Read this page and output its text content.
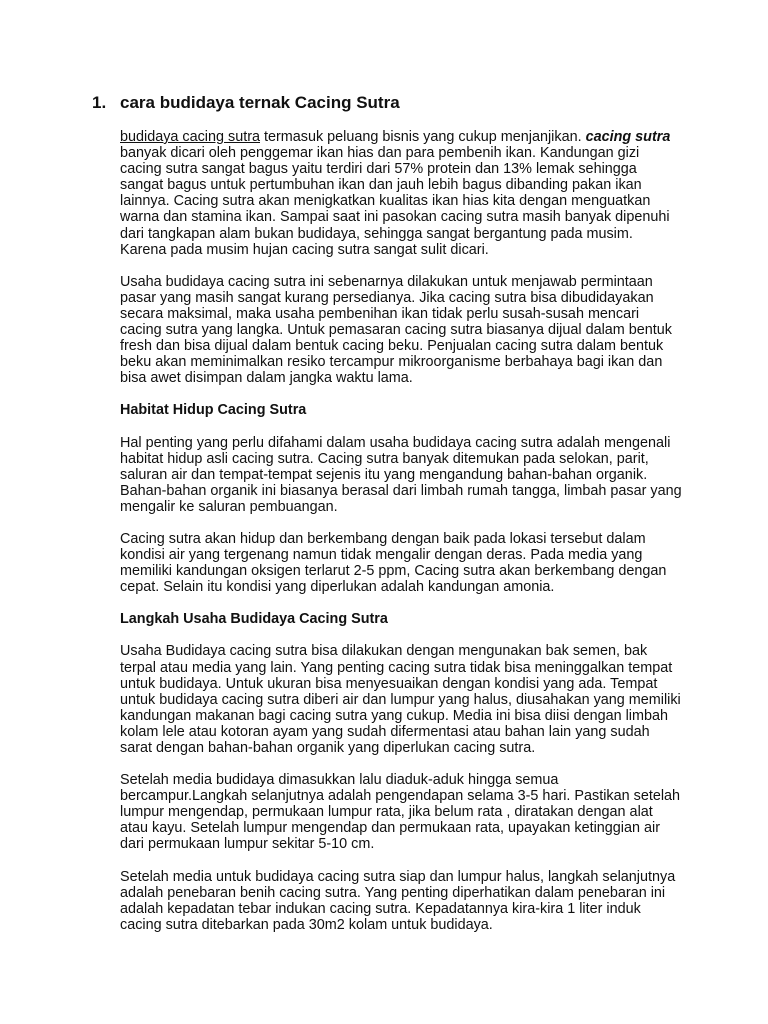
1. cara budidaya ternak Cacing Sutra

budidaya cacing sutra termasuk peluang bisnis yang cukup menjanjikan. cacing sutra banyak dicari oleh penggemar ikan hias dan para pembenih ikan. Kandungan gizi cacing sutra sangat bagus yaitu terdiri dari 57% protein dan 13% lemak sehingga sangat bagus untuk pertumbuhan ikan dan jauh lebih bagus dibanding pakan ikan lainnya. Cacing sutra akan menigkatkan kualitas ikan hias kita dengan menguatkan warna dan stamina ikan. Sampai saat ini pasokan cacing sutra masih banyak dipenuhi dari tangkapan alam bukan budidaya, sehingga sangat bergantung pada musim. Karena pada musim hujan cacing sutra sangat sulit dicari.

Usaha budidaya cacing sutra ini sebenarnya dilakukan untuk menjawab permintaan pasar yang masih sangat kurang persedianya. Jika cacing sutra bisa dibudidayakan secara maksimal, maka usaha pembenihan ikan tidak perlu susah-susah mencari cacing sutra yang langka. Untuk pemasaran cacing sutra biasanya dijual dalam bentuk fresh dan bisa dijual dalam bentuk cacing beku. Penjualan cacing sutra dalam bentuk beku akan meminimalkan resiko tercampur mikroorganisme berbahaya bagi ikan dan bisa awet disimpan dalam jangka waktu lama.

Habitat Hidup Cacing Sutra

Hal penting yang perlu difahami dalam usaha budidaya cacing sutra adalah mengenali habitat hidup asli cacing sutra. Cacing sutra banyak ditemukan pada selokan, parit, saluran air dan tempat-tempat sejenis itu yang mengandung bahan-bahan organik. Bahan-bahan organik ini biasanya berasal dari limbah rumah tangga, limbah pasar yang mengalir ke saluran pembuangan.

Cacing sutra akan hidup dan berkembang dengan baik pada lokasi tersebut dalam kondisi air yang tergenang namun tidak mengalir dengan deras. Pada media yang memiliki kandungan oksigen terlarut 2-5 ppm, Cacing sutra akan berkembang dengan cepat. Selain itu kondisi yang diperlukan adalah kandungan amonia.

Langkah Usaha Budidaya Cacing Sutra

Usaha Budidaya cacing sutra bisa dilakukan dengan mengunakan bak semen, bak terpal atau media yang lain. Yang penting cacing sutra tidak bisa meninggalkan tempat untuk budidaya. Untuk ukuran bisa menyesuaikan dengan kondisi yang ada. Tempat untuk budidaya cacing sutra diberi air dan lumpur yang halus, diusahakan yang memiliki kandungan makanan bagi cacing sutra yang cukup. Media ini bisa diisi dengan limbah kolam lele atau kotoran ayam yang sudah difermentasi atau bahan lain yang sudah sarat dengan bahan-bahan organik yang diperlukan cacing sutra.

Setelah media budidaya dimasukkan lalu diaduk-aduk hingga semua bercampur.Langkah selanjutnya adalah pengendapan selama 3-5 hari. Pastikan setelah lumpur mengendap, permukaan lumpur rata, jika belum rata , diratakan dengan alat atau kayu. Setelah lumpur mengendap dan permukaan rata, upayakan ketinggian air dari permukaan lumpur sekitar 5-10 cm.

Setelah media untuk budidaya cacing sutra siap dan lumpur halus, langkah selanjutnya adalah penebaran benih cacing sutra. Yang penting diperhatikan dalam penebaran ini adalah kepadatan tebar indukan cacing sutra. Kepadatannya kira-kira 1 liter induk cacing sutra ditebarkan pada 30m2 kolam untuk budidaya.
